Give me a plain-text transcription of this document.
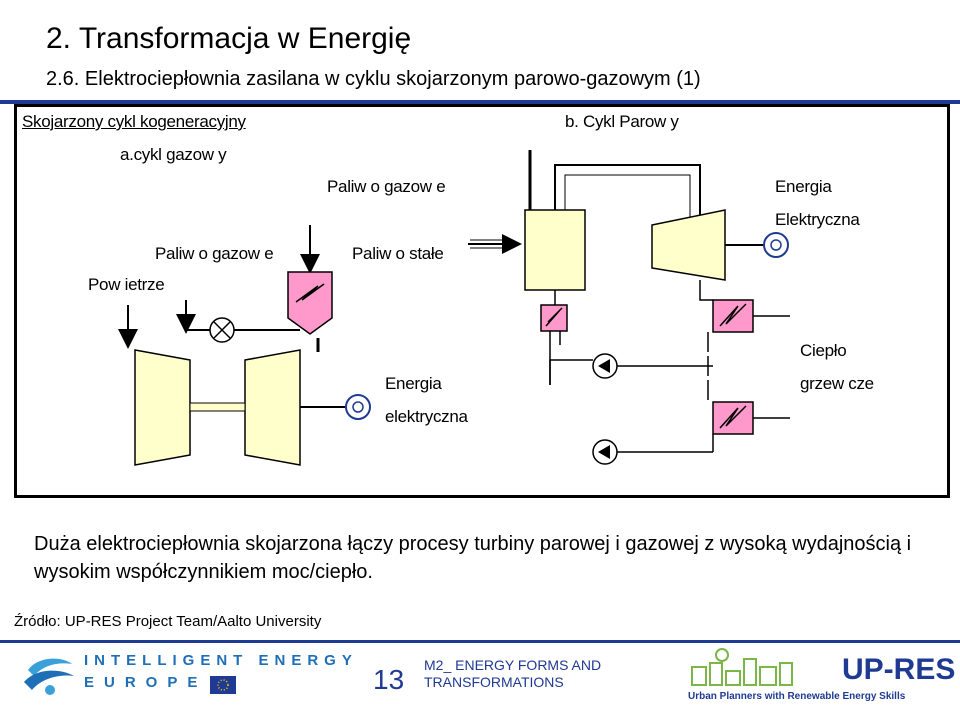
2. Transformacja w Energię
2.6. Elektrociepłownia zasilana w cyklu skojarzonym parowo-gazowym (1)
Skojarzony cykl kogeneracyjny
a.cykl gazow y
b. Cykl Parow y
Paliw o gazow e
Paliw o gazow e	Paliw o stałe
Pow ietrze
Energia
Elektryczna
Energia
elektryczna
Ciepło
grzew cze
Duża elektrociepłownia skojarzona łączy procesy turbiny parowej i gazowej z wysoką wydajnością i wysokim współczynnikiem moc/ciepło.
Źródło: UP-RES Project Team/Aalto University
INTELLIGENT ENERGY
EUROPE	13 M2_ ENERGY FORMS AND TRANSFORMATIONS	UP-RES
Urban Planners with Renewable Energy Skills
